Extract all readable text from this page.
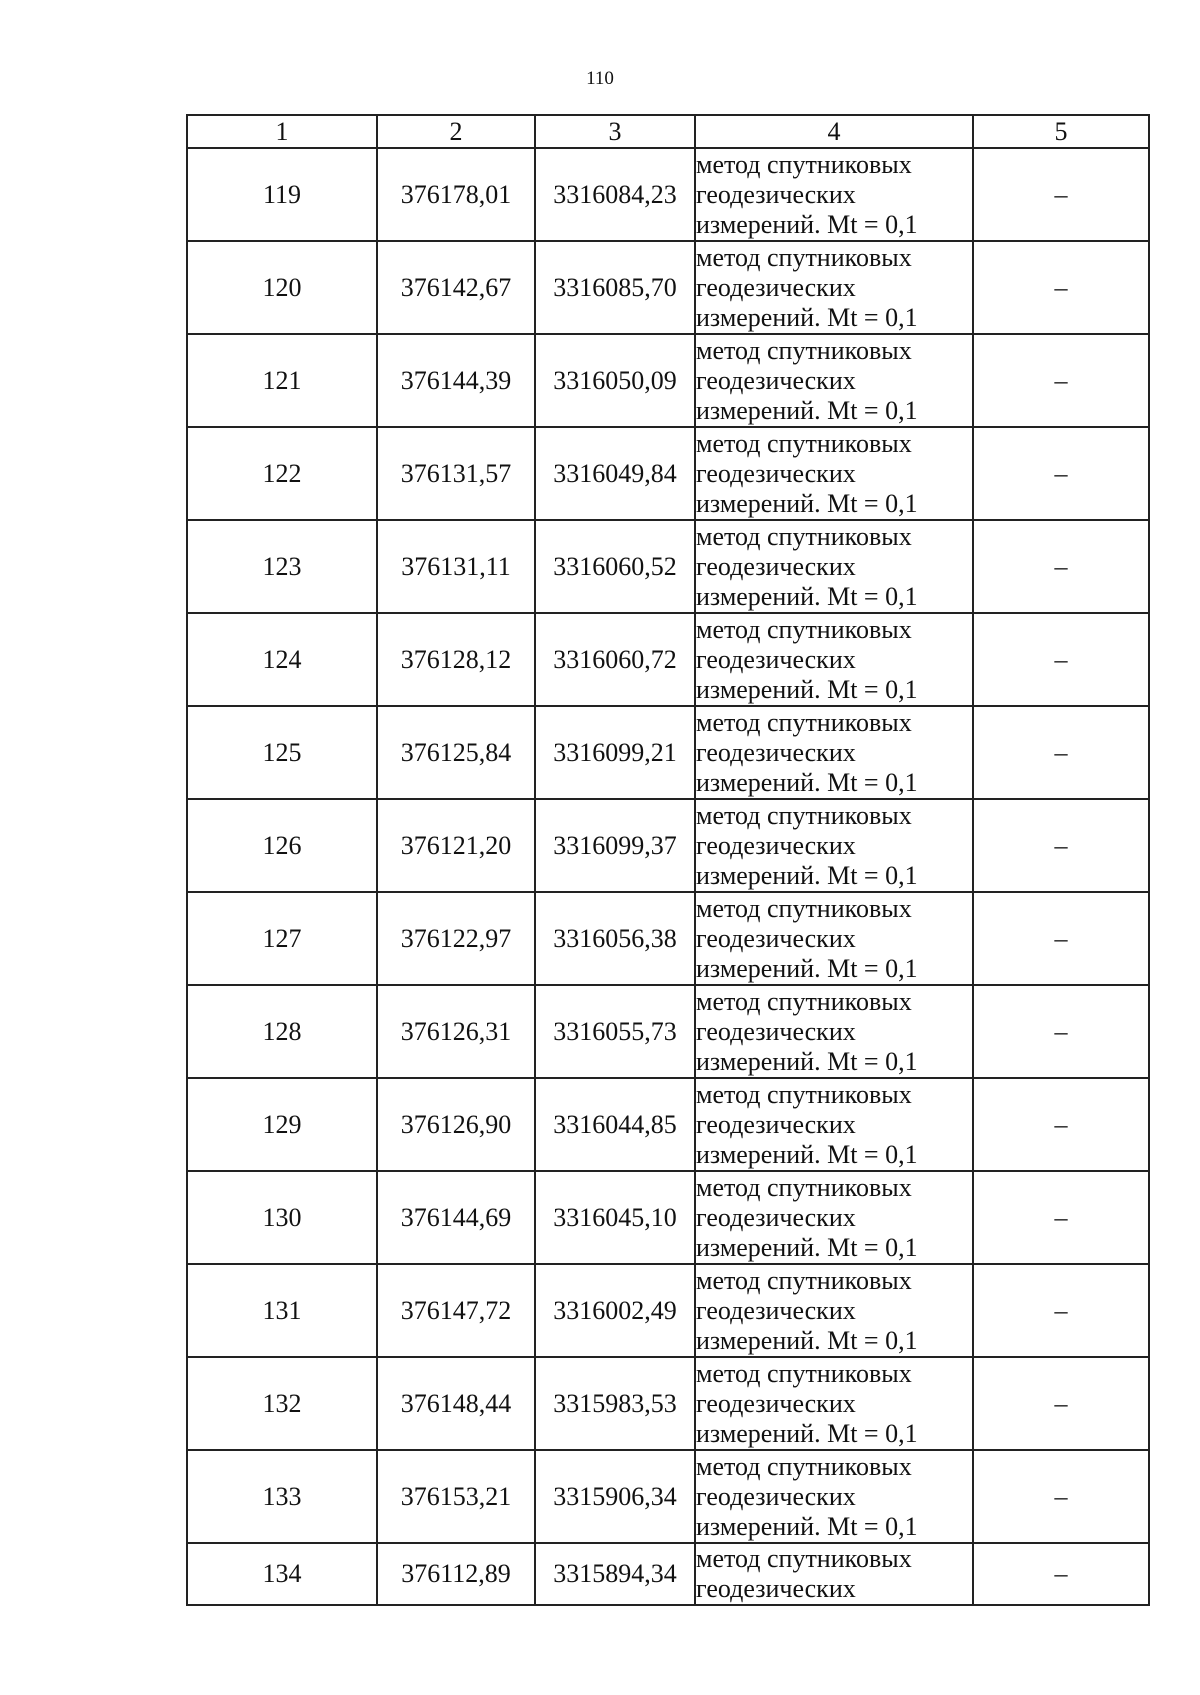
110
1	2	3	4	5
119	376178,01	3316084,23	метод спутниковых
геодезических
измерений. Mt = 0,1	–
120	376142,67	3316085,70	метод спутниковых
геодезических
измерений. Mt = 0,1	–
121	376144,39	3316050,09	метод спутниковых
геодезических
измерений. Mt = 0,1	–
122	376131,57	3316049,84	метод спутниковых
геодезических
измерений. Mt = 0,1	–
123	376131,11	3316060,52	метод спутниковых
геодезических
измерений. Mt = 0,1	–
124	376128,12	3316060,72	метод спутниковых
геодезических
измерений. Mt = 0,1	–
125	376125,84	3316099,21	метод спутниковых
геодезических
измерений. Mt = 0,1	–
126	376121,20	3316099,37	метод спутниковых
геодезических
измерений. Mt = 0,1	–
127	376122,97	3316056,38	метод спутниковых
геодезических
измерений. Mt = 0,1	–
128	376126,31	3316055,73	метод спутниковых
геодезических
измерений. Mt = 0,1	–
129	376126,90	3316044,85	метод спутниковых
геодезических
измерений. Mt = 0,1	–
130	376144,69	3316045,10	метод спутниковых
геодезических
измерений. Mt = 0,1	–
131	376147,72	3316002,49	метод спутниковых
геодезических
измерений. Mt = 0,1	–
132	376148,44	3315983,53	метод спутниковых
геодезических
измерений. Mt = 0,1	–
133	376153,21	3315906,34	метод спутниковых
геодезических
измерений. Mt = 0,1	–
134	376112,89	3315894,34	метод спутниковых
геодезических	–
